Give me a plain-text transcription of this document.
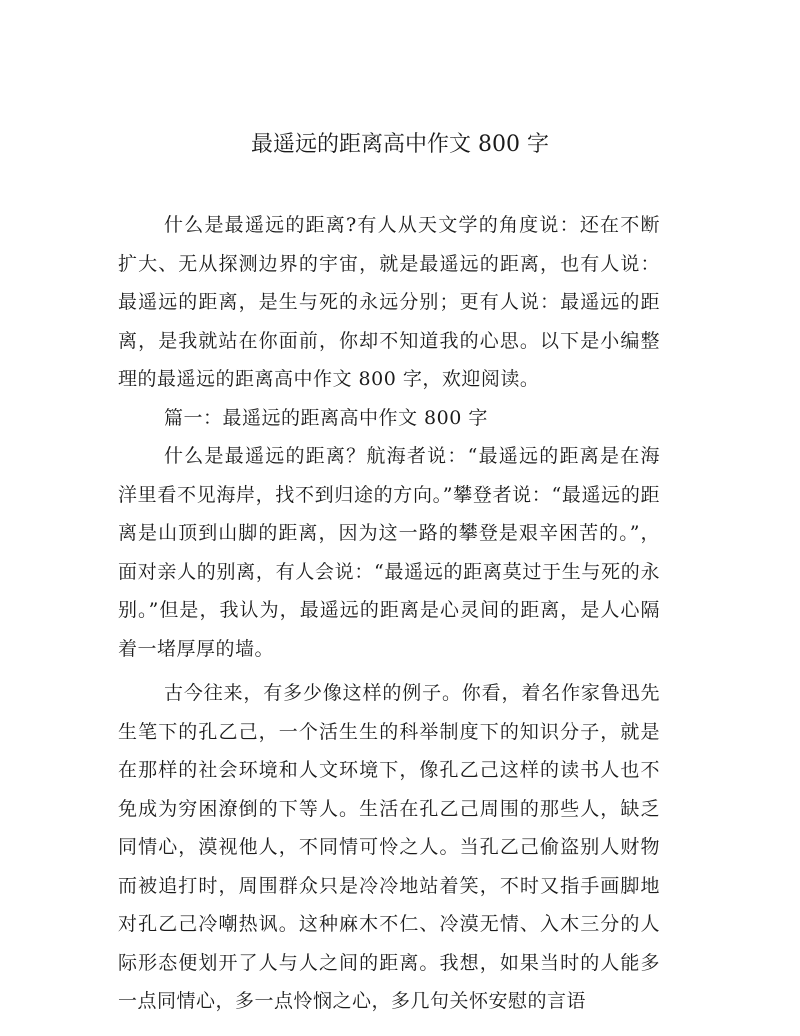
最遥远的距离高中作文 800 字

什么是最遥远的距离?有人从天文学的角度说：还在不断扩大、无从探测边界的宇宙，就是最遥远的距离，也有人说：最遥远的距离，是生与死的永远分别；更有人说：最遥远的距离，是我就站在你面前，你却不知道我的心思。以下是小编整理的最遥远的距离高中作文 800 字，欢迎阅读。

篇一：最遥远的距离高中作文 800 字

什么是最遥远的距离？航海者说：“最遥远的距离是在海洋里看不见海岸，找不到归途的方向。”攀登者说：“最遥远的距离是山顶到山脚的距离，因为这一路的攀登是艰辛困苦的。”，面对亲人的别离，有人会说：“最遥远的距离莫过于生与死的永别。”但是，我认为，最遥远的距离是心灵间的距离，是人心隔着一堵厚厚的墙。

古今往来，有多少像这样的例子。你看，着名作家鲁迅先生笔下的孔乙己，一个活生生的科举制度下的知识分子，就是在那样的社会环境和人文环境下，像孔乙己这样的读书人也不免成为穷困潦倒的下等人。生活在孔乙己周围的那些人，缺乏同情心，漠视他人，不同情可怜之人。当孔乙己偷盗别人财物而被追打时，周围群众只是冷冷地站着笑，不时又指手画脚地对孔乙己冷嘲热讽。这种麻木不仁、冷漠无情、入木三分的人际形态便划开了人与人之间的距离。我想，如果当时的人能多一点同情心，多一点怜悯之心，多几句关怀安慰的言语
